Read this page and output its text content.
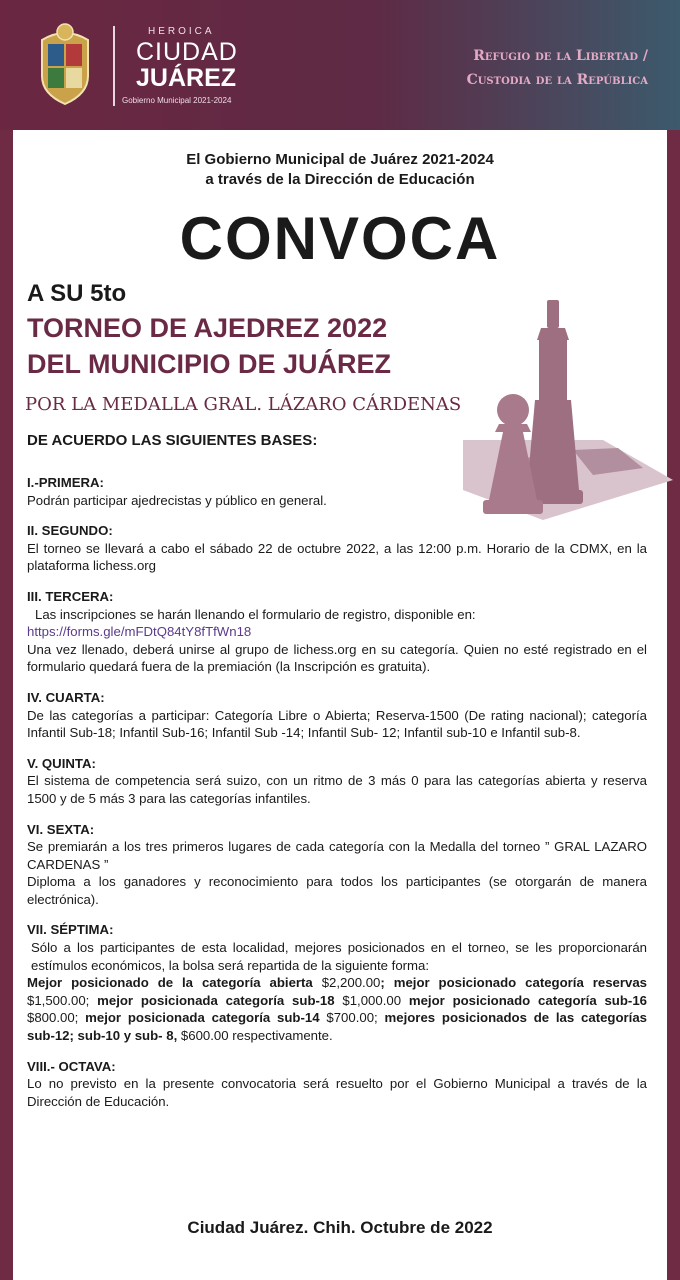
HEROICA
CIUDAD
JUÁREZ
Gobierno Municipal 2021-2024
Refugio de la Libertad /
Custodia de la República
El Gobierno Municipal de Juárez 2021-2024
a través de la Dirección de Educación
CONVOCA
A SU 5to
TORNEO DE AJEDREZ 2022
DEL MUNICIPIO DE JUÁREZ
POR LA MEDALLA GRAL. LÁZARO CÁRDENAS
DE ACUERDO LAS SIGUIENTES BASES:
I.-PRIMERA:

Podrán participar ajedrecistas y público en general.

II. SEGUNDO:

El torneo se llevará a cabo el sábado 22 de octubre 2022, a las 12:00 p.m. Horario de la CDMX, en la plataforma lichess.org

III. TERCERA:

Las inscripciones se harán llenando el formulario de registro, disponible en:

https://forms.gle/mFDtQ84tY8fTfWn18

Una vez llenado, deberá unirse al grupo de lichess.org en su categoría. Quien no esté registrado en el formulario quedará fuera de la premiación (la Inscripción es gratuita).

IV. CUARTA:

De las categorías a participar: Categoría Libre o Abierta; Reserva-1500 (De rating nacional); categoría Infantil Sub-18; Infantil Sub-16; Infantil Sub -14; Infantil Sub- 12; Infantil sub-10 e Infantil sub-8.

V. QUINTA:

El sistema de competencia será suizo, con un ritmo de 3 más 0 para las categorías abierta y reserva 1500 y de 5 más 3 para las categorías infantiles.

VI. SEXTA:

Se premiarán a los tres primeros lugares de cada categoría con la Medalla del torneo ” GRAL LAZARO CARDENAS ”

Diploma a los ganadores y reconocimiento para todos los participantes (se otorgarán de manera electrónica).

VII. SÉPTIMA:

Sólo a los participantes de esta localidad, mejores posicionados en el torneo, se les proporcionarán estímulos económicos, la bolsa será repartida de la siguiente forma:

Mejor posicionado de la categoría abierta $2,200.00; mejor posicionado categoría reservas $1,500.00; mejor posicionada categoría sub-18 $1,000.00 mejor posicionado categoría sub-16 $800.00; mejor posicionada categoría sub-14 $700.00; mejores posicionados de las categorías sub-12; sub-10 y sub- 8, $600.00 respectivamente.

VIII.- OCTAVA:

Lo no previsto en la presente convocatoria será resuelto por el Gobierno Municipal a través de la Dirección de Educación.

Ciudad Juárez. Chih. Octubre de 2022
